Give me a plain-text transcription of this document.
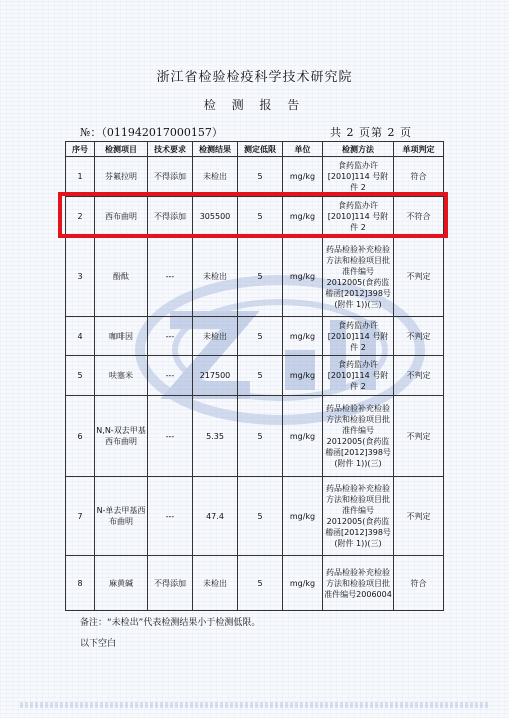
浙江省检验检疫科学技术研究院
检 测 报 告
№：（011942017000157）	共 2 页第 2 页
序号	检测项目	技术要求	检测结果	测定低限	单位	检测方法	单项判定
1	芬氟拉明	不得添加	未检出	5	mg/kg	食药监办许[2010]114 号附件 2	符合
2	西布曲明	不得添加	305500	5	mg/kg	食药监办许[2010]114 号附件 2	不符合
3	酚酞	---	未检出	5	mg/kg	药品检验补充检验方法和检验项目批准件编号2012005(食药监稽函[2012]398号(附件 1))(三)	不判定
4	咖啡因	---	未检出	5	mg/kg	食药监办许[2010]114 号附件 2	不判定
5	呋塞米	---	217500	5	mg/kg	食药监办许[2010]114 号附件 2	不判定
6	N,N-双去甲基西布曲明	---	5.35	5	mg/kg	药品检验补充检验方法和检验项目批准件编号2012005(食药监稽函[2012]398号(附件 1))(三)	不判定
7	N-单去甲基西布曲明	---	47.4	5	mg/kg	药品检验补充检验方法和检验项目批准件编号2012005(食药监稽函[2012]398号(附件 1))(三)	不判定
8	麻黄碱	不得添加	未检出	5	mg/kg	药品检验补充检验方法和检验项目批准件编号2006004	符合
备注：“未检出”代表检测结果小于检测低限。
以下空白
